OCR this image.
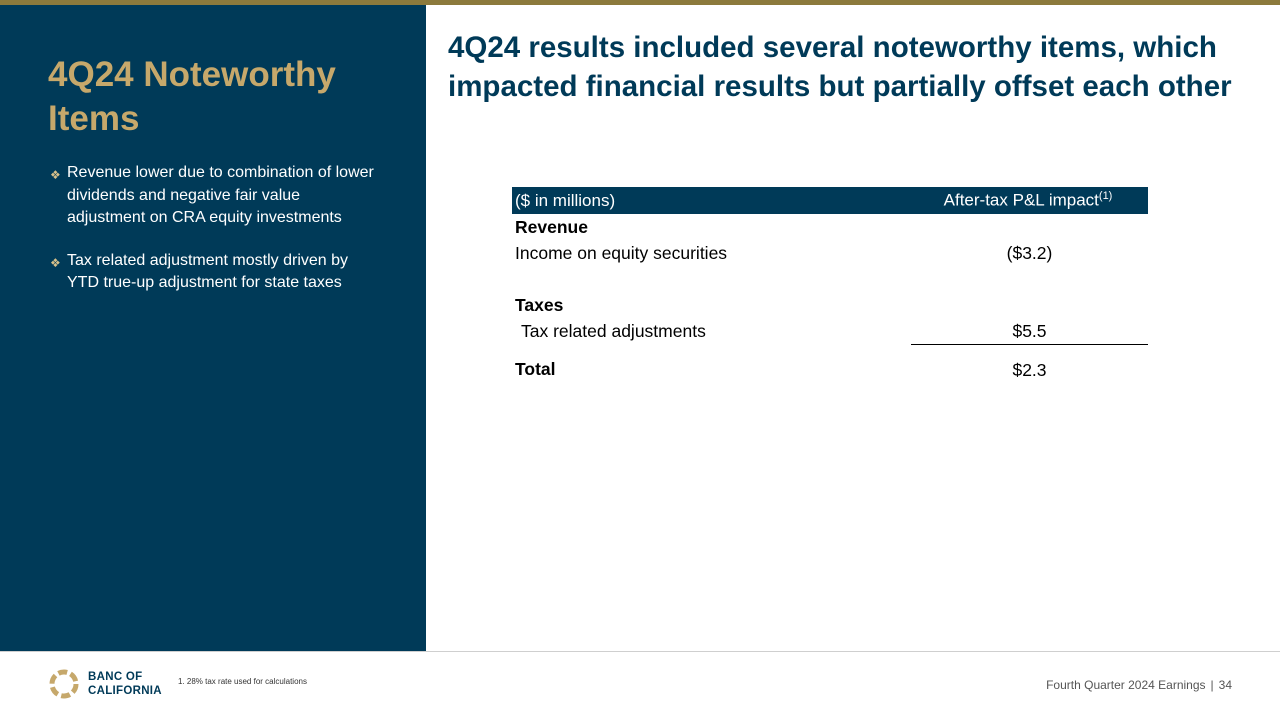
4Q24 Noteworthy Items
❖ Revenue lower due to combination of lower dividends and negative fair value adjustment on CRA equity investments
❖ Tax related adjustment mostly driven by YTD true-up adjustment for state taxes
4Q24 results included several noteworthy items, which impacted financial results but partially offset each other
($ in millions)	After-tax P&L impact$^{(1)}$
Revenue	
Income on equity securities	($3.2)

Taxes	
Tax related adjustments	$5.5
Total	$2.3
BANC OF
CALIFORNIA
1. 28% tax rate used for calculations	Fourth Quarter 2024 Earnings | 34
